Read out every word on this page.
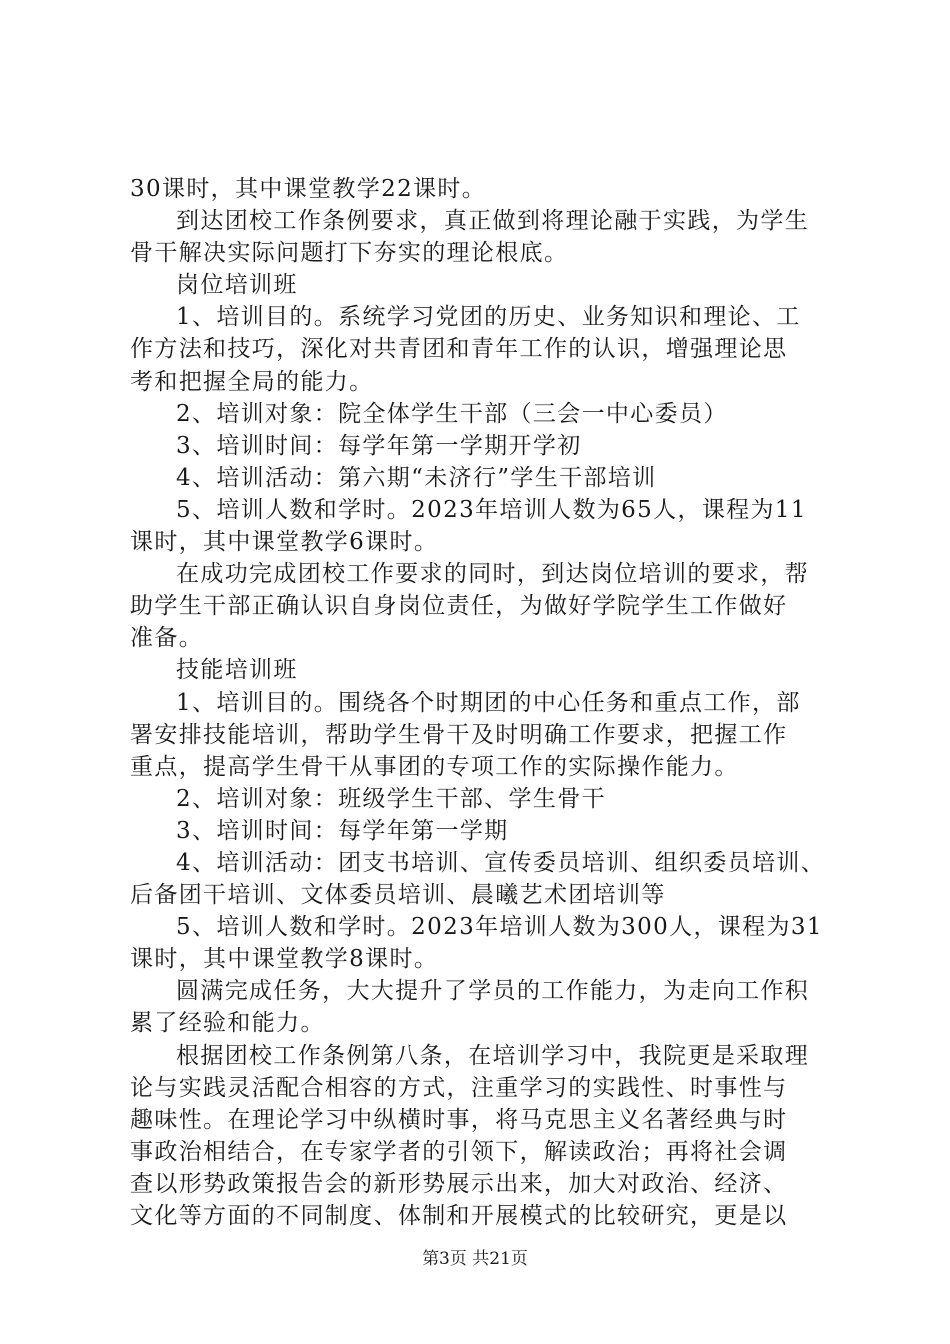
30课时，其中课堂教学22课时。
到达团校工作条例要求，真正做到将理论融于实践，为学生
骨干解决实际问题打下夯实的理论根底。
岗位培训班
1、培训目的。系统学习党团的历史、业务知识和理论、工
作方法和技巧，深化对共青团和青年工作的认识，增强理论思
考和把握全局的能力。
2、培训对象：院全体学生干部（三会一中心委员）
3、培训时间：每学年第一学期开学初
4、培训活动：第六期“未济行”学生干部培训
5、培训人数和学时。2023年培训人数为65人，课程为11
课时，其中课堂教学6课时。
在成功完成团校工作要求的同时，到达岗位培训的要求，帮
助学生干部正确认识自身岗位责任，为做好学院学生工作做好
准备。
技能培训班
1、培训目的。围绕各个时期团的中心任务和重点工作，部
署安排技能培训，帮助学生骨干及时明确工作要求，把握工作
重点，提高学生骨干从事团的专项工作的实际操作能力。
2、培训对象：班级学生干部、学生骨干
3、培训时间：每学年第一学期
4、培训活动：团支书培训、宣传委员培训、组织委员培训、
后备团干培训、文体委员培训、晨曦艺术团培训等
5、培训人数和学时。2023年培训人数为300人，课程为31
课时，其中课堂教学8课时。
圆满完成任务，大大提升了学员的工作能力，为走向工作积
累了经验和能力。
根据团校工作条例第八条，在培训学习中，我院更是采取理
论与实践灵活配合相容的方式，注重学习的实践性、时事性与
趣味性。在理论学习中纵横时事，将马克思主义名著经典与时
事政治相结合，在专家学者的引领下，解读政治；再将社会调
查以形势政策报告会的新形势展示出来，加大对政治、经济、
文化等方面的不同制度、体制和开展模式的比较研究，更是以
第3页 共21页
